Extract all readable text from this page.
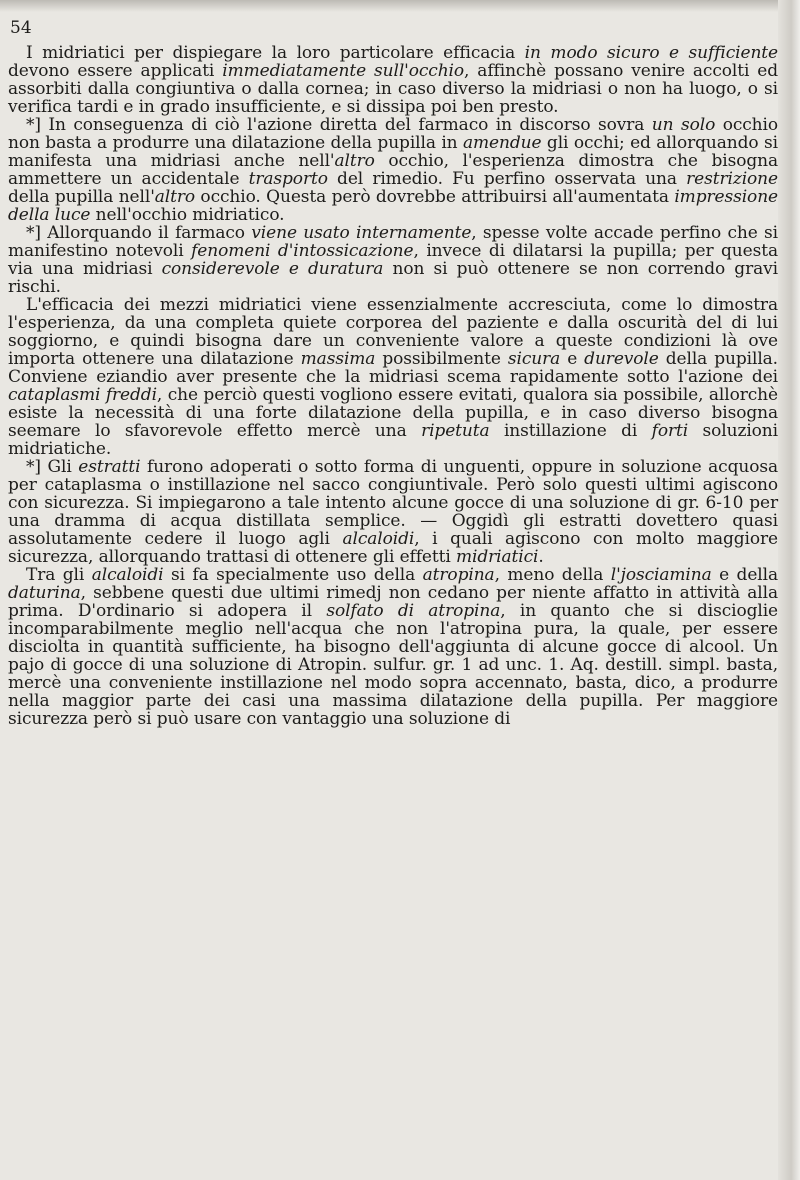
54

I midriatici per dispiegare la loro particolare efficacia in modo sicuro e sufficiente devono essere applicati immediatamente sull'occhio, affinchè possano venire accolti ed assorbiti dalla congiuntiva o dalla cornea; in caso diverso la midriasi o non ha luogo, o si verifica tardi e in grado insufficiente, e si dissipa poi ben presto.

*] In conseguenza di ciò l'azione diretta del farmaco in discorso sovra un solo occhio non basta a produrre una dilatazione della pupilla in amendue gli occhi; ed allorquando si manifesta una midriasi anche nell'altro occhio, l'esperienza dimostra che bisogna ammettere un accidentale trasporto del rimedio. Fu perfino osservata una restrizione della pupilla nell'altro occhio. Questa però dovrebbe attribuirsi all'aumentata impressione della luce nell'occhio midriatico.

*] Allorquando il farmaco viene usato internamente, spesse volte accade perfino che si manifestino notevoli fenomeni d'intossicazione, invece di dilatarsi la pupilla; per questa via una midriasi considerevole e duratura non si può ottenere se non correndo gravi rischi.

L'efficacia dei mezzi midriatici viene essenzialmente accresciuta, come lo dimostra l'esperienza, da una completa quiete corporea del paziente e dalla oscurità del di lui soggiorno, e quindi bisogna dare un conveniente valore a queste condizioni là ove importa ottenere una dilatazione massima possibilmente sicura e durevole della pupilla. Conviene eziandio aver presente che la midriasi scema rapidamente sotto l'azione dei cataplasmi freddi, che perciò questi vogliono essere evitati, qualora sia possibile, allorchè esiste la necessità di una forte dilatazione della pupilla, e in caso diverso bisogna seemare lo sfavorevole effetto mercè una ripetuta instillazione di forti soluzioni midriatiche.

*] Gli estratti furono adoperati o sotto forma di unguenti, oppure in soluzione acquosa per cataplasma o instillazione nel sacco congiuntivale. Però solo questi ultimi agiscono con sicurezza. Si impiegarono a tale intento alcune gocce di una soluzione di gr. 6-10 per una dramma di acqua distillata semplice. — Oggidì gli estratti dovettero quasi assolutamente cedere il luogo agli alcaloidi, i quali agiscono con molto maggiore sicurezza, allorquando trattasi di ottenere gli effetti midriatici.

Tra gli alcaloidi si fa specialmente uso della atropina, meno della l'josciamina e della daturina, sebbene questi due ultimi rimedj non cedano per niente affatto in attività alla prima. D'ordinario si adopera il solfato di atropina, in quanto che si discioglie incomparabilmente meglio nell'acqua che non l'atropina pura, la quale, per essere disciolta in quantità sufficiente, ha bisogno dell'aggiunta di alcune gocce di alcool. Un pajo di gocce di una soluzione di Atropin. sulfur. gr. 1 ad unc. 1. Aq. destill. simpl. basta, mercè una conveniente instillazione nel modo sopra accennato, basta, dico, a produrre nella maggior parte dei casi una massima dilatazione della pupilla. Per maggiore sicurezza però si può usare con vantaggio una soluzione di
